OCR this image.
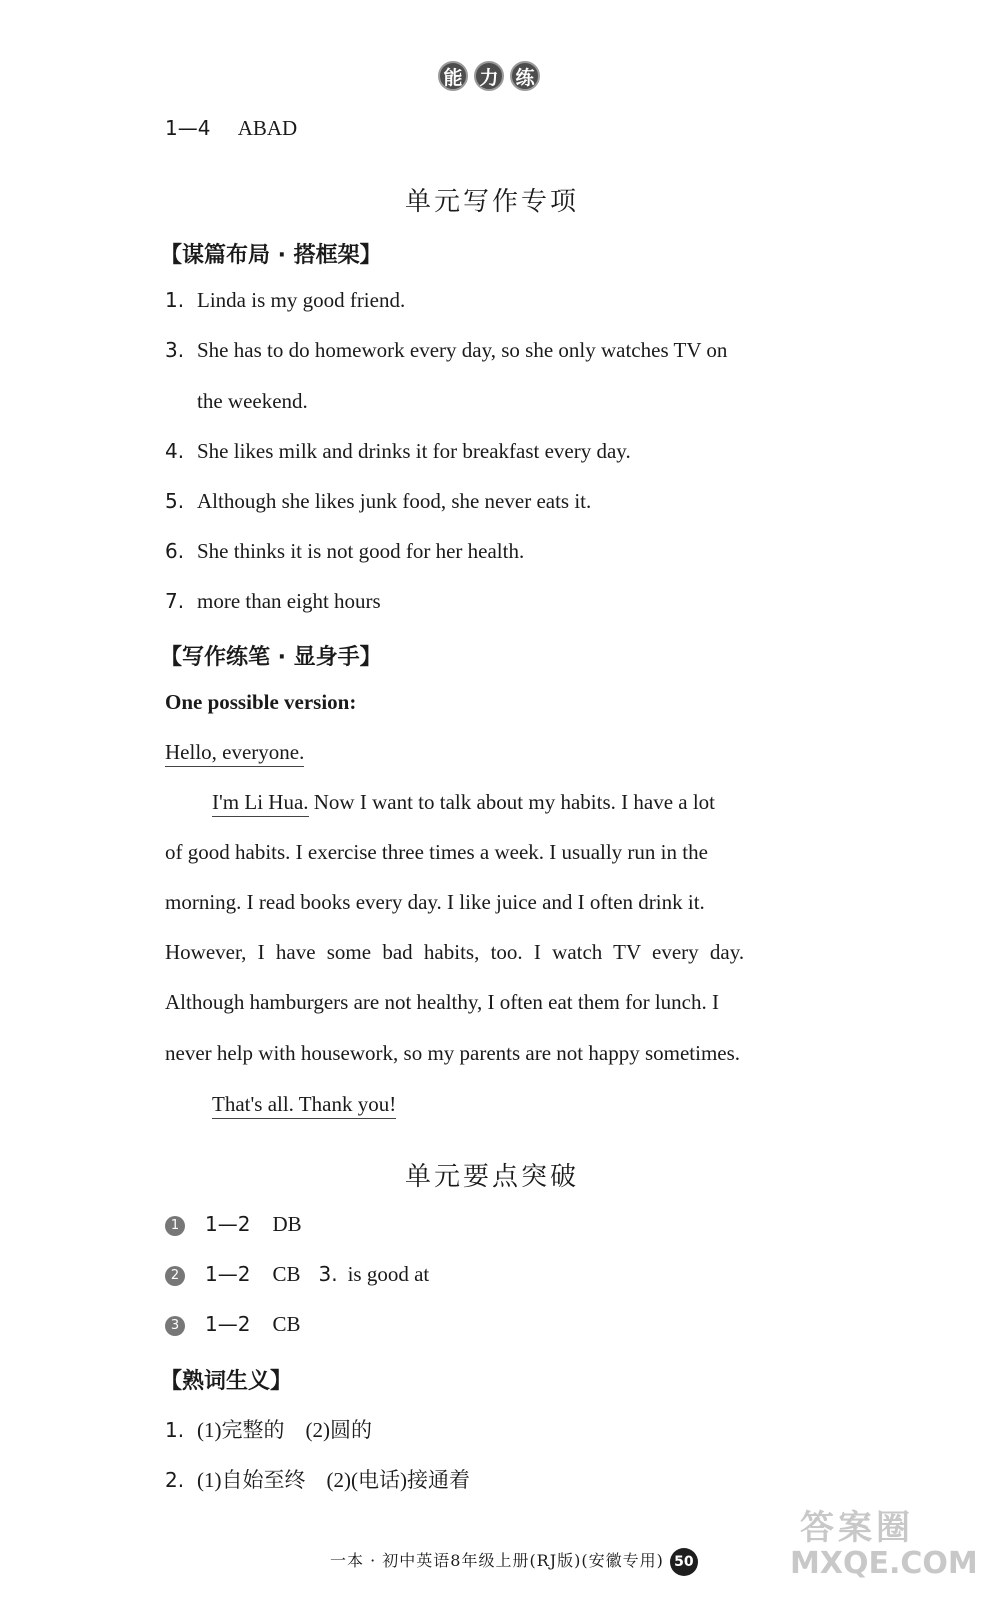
能 力 练
1—4 ABAD
单元写作专项
【谋篇布局 · 搭框架】
1. Linda is my good friend.
3. She has to do homework every day, so she only watches TV on
the weekend.
4. She likes milk and drinks it for breakfast every day.
5. Although she likes junk food, she never eats it.
6. She thinks it is not good for her health.
7. more than eight hours
【写作练笔 · 显身手】
One possible version:
Hello, everyone.
I'm Li Hua. Now I want to talk about my habits. I have a lot
of good habits. I exercise three times a week. I usually run in the
morning. I read books every day. I like juice and I often drink it.
However, I have some bad habits, too. I watch TV every day.
Although hamburgers are not healthy, I often eat them for lunch. I
never help with housework, so my parents are not happy sometimes.
That's all. Thank you!
单元要点突破
1 1—2 DB
2 1—2 CB 3. is good at
3 1—2 CB
【熟词生义】
1. (1)完整的　(2)圆的
2. (1)自始至终　(2)(电话)接通着
一本 · 初中英语8年级上册(RJ版)(安徽专用) 50
答案圈
MXQE.COM
